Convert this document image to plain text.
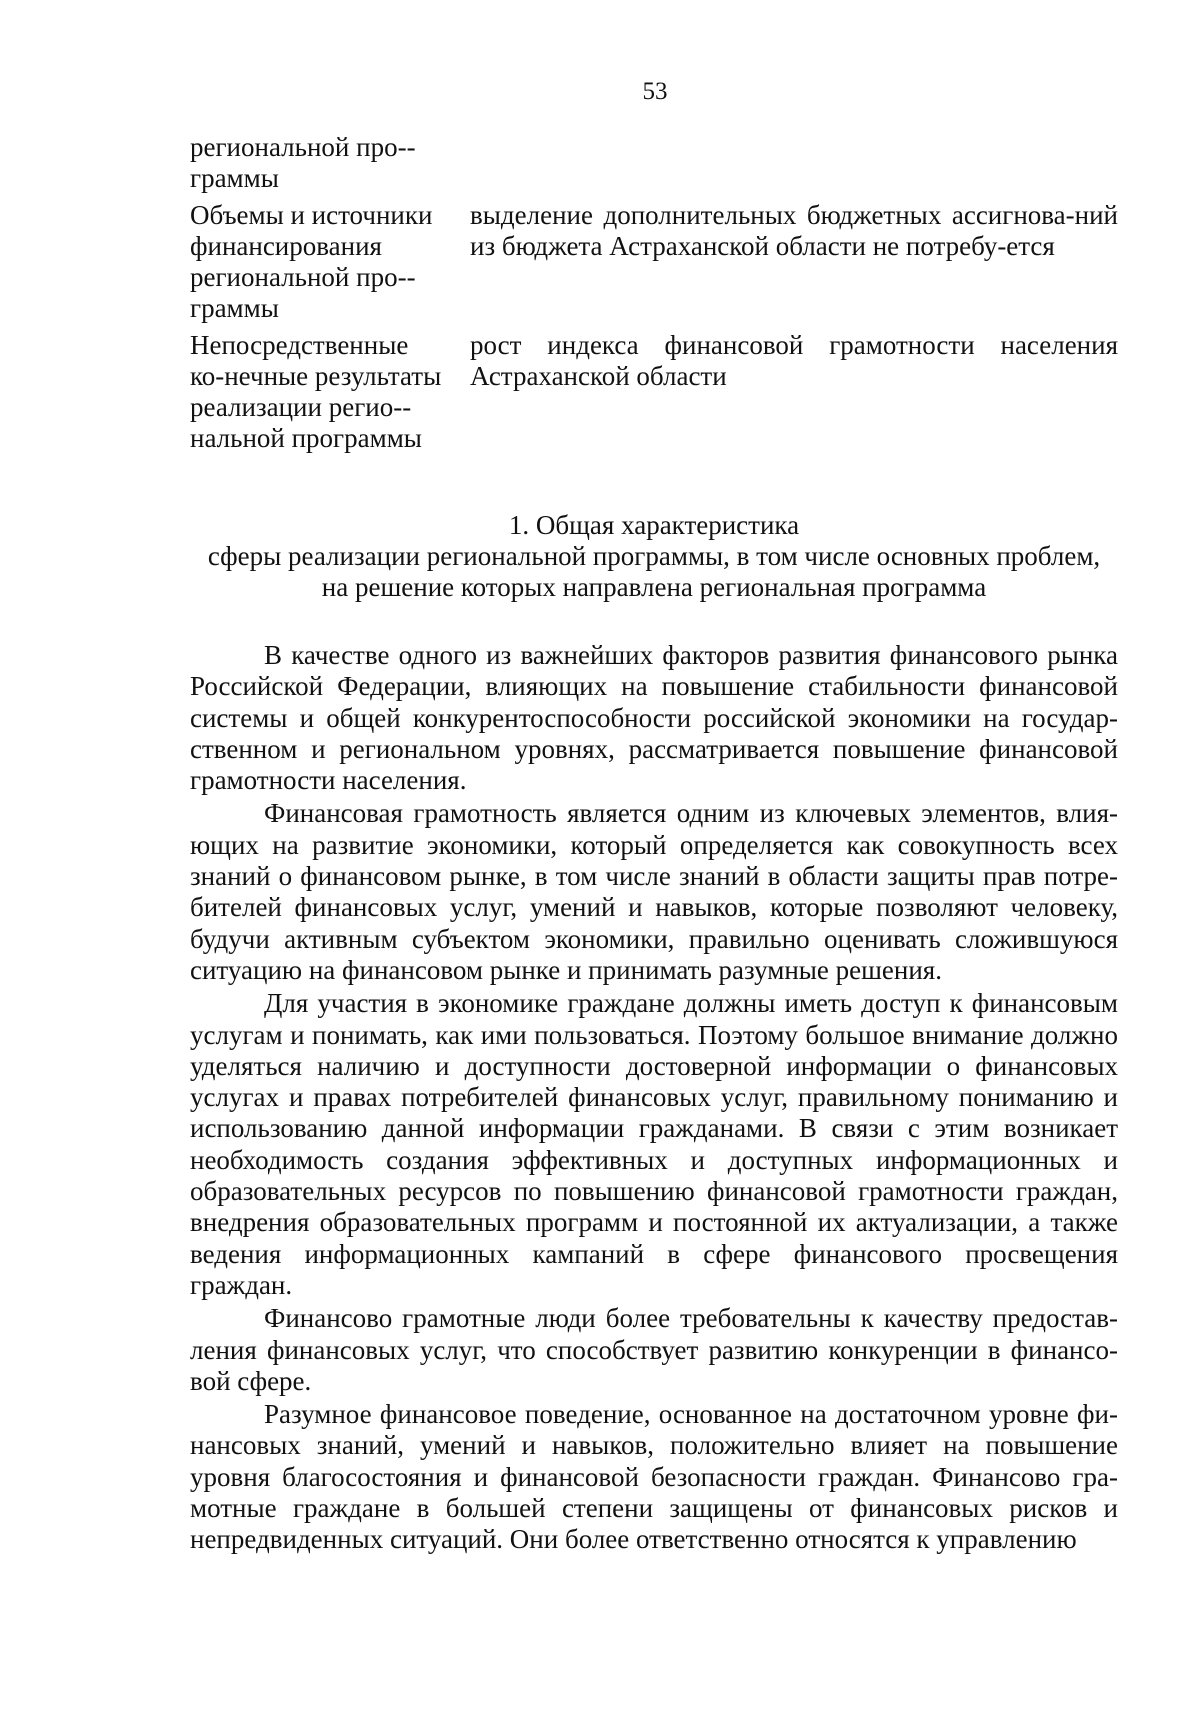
53
региональной про-граммы	
Объемы и источники финансирования региональной про-граммы	выделение дополнительных бюджетных ассигнова-ний из бюджета Астраханской области не потребу-ется
Непосредственные ко-нечные результаты реализации регио-нальной программы	рост индекса финансовой грамотности населения Астраханской области
1. Общая характеристика
сферы реализации региональной программы, в том числе основных проблем,
на решение которых направлена региональная программа

В качестве одного из важнейших факторов развития финансового рынка Российской Федерации, влияющих на повышение стабильности финансовой системы и общей конкурентоспособности российской экономики на государственном и региональном уровнях, рассматривается повышение финансовой грамотности населения.

Финансовая грамотность является одним из ключевых элементов, влияющих на развитие экономики, который определяется как совокупность всех знаний о финансовом рынке, в том числе знаний в области защиты прав потребителей финансовых услуг, умений и навыков, которые позволяют человеку, будучи активным субъектом экономики, правильно оценивать сложившуюся ситуацию на финансовом рынке и принимать разумные решения.

Для участия в экономике граждане должны иметь доступ к финансовым услугам и понимать, как ими пользоваться. Поэтому большое внимание должно уделяться наличию и доступности достоверной информации о финансовых услугах и правах потребителей финансовых услуг, правильному пониманию и использованию данной информации гражданами. В связи с этим возникает необходимость создания эффективных и доступных информационных и образовательных ресурсов по повышению финансовой грамотности граждан, внедрения образовательных программ и постоянной их актуализации, а также ведения информационных кампаний в сфере финансового просвещения граждан.

Финансово грамотные люди более требовательны к качеству предоставления финансовых услуг, что способствует развитию конкуренции в финансовой сфере.

Разумное финансовое поведение, основанное на достаточном уровне финансовых знаний, умений и навыков, положительно влияет на повышение уровня благосостояния и финансовой безопасности граждан. Финансово грамотные граждане в большей степени защищены от финансовых рисков и непредвиденных ситуаций. Они более ответственно относятся к управлению
